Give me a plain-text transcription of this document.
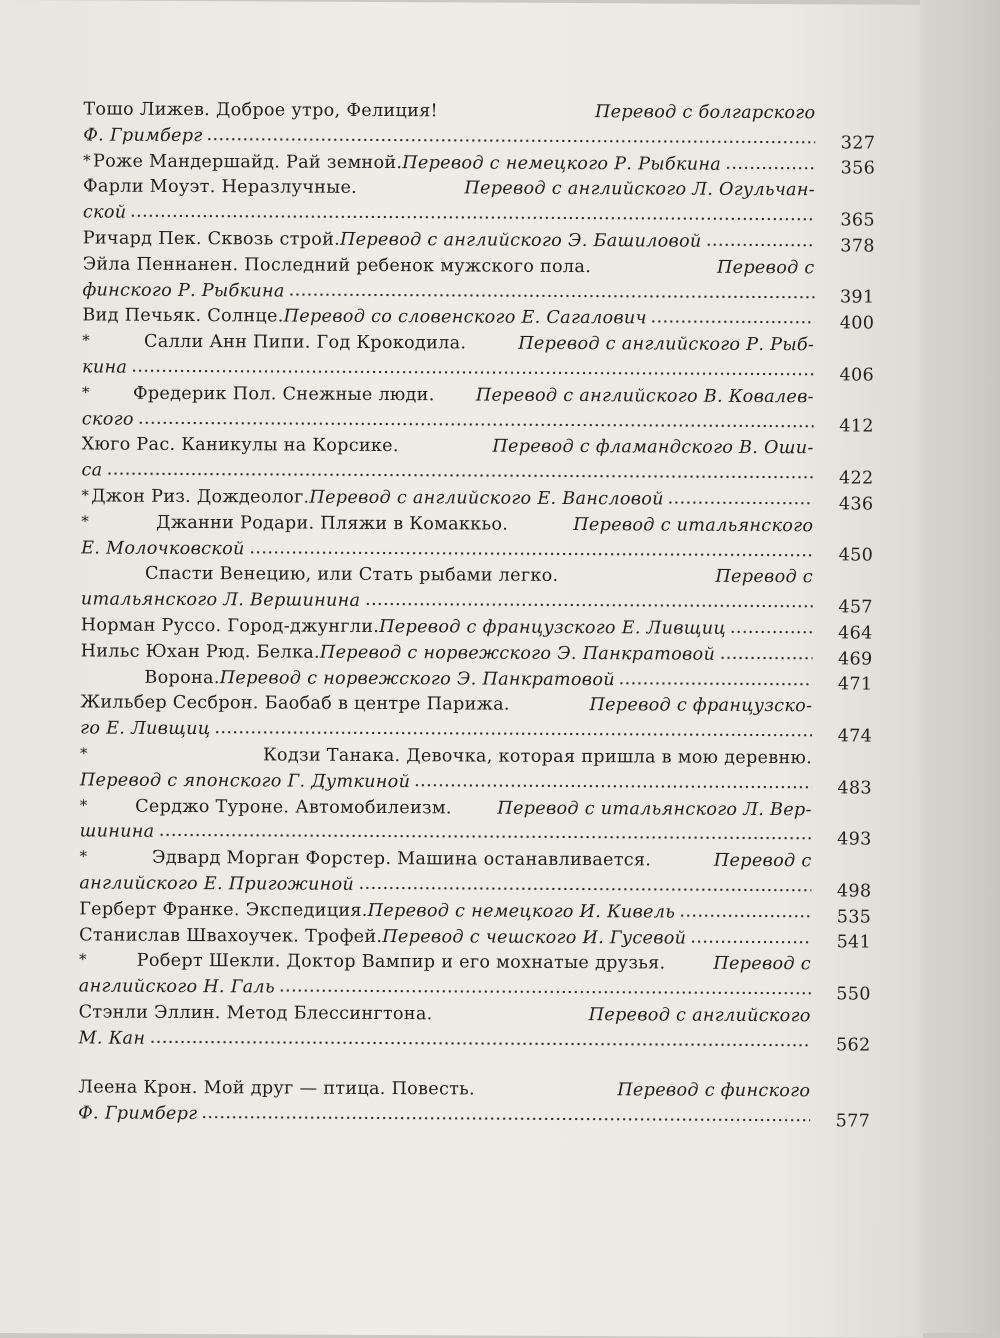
Тошо Лижев. Доброе утро, Фелиция!	Перевод с болгарского
Ф. Гримберг	327
* Роже Мандершайд. Рай земной. Перевод с немецкого Р. Рыбкина	356
Фарли Моуэт. Неразлучные.	Перевод с английского Л. Огульчан-
ской	365
Ричард Пек. Сквозь строй. Перевод с английского Э. Башиловой	378
Эйла Пеннанен. Последний ребенок мужского пола.	Перевод с
финского Р. Рыбкина	391
Вид Печьяк. Солнце. Перевод со словенского Е. Сагалович	400
*	Салли Анн Пипи. Год Крокодила.	Перевод с английского Р. Рыб-
кина	406
* Фредерик Пол. Снежные люди. Перевод с английского В. Ковалев-
ского	412
Хюго Рас. Каникулы на Корсике.	Перевод с фламандского В. Оши-
са	422
* Джон Риз. Дождеолог. Перевод с английского Е. Вансловой	436
*	Джанни Родари. Пляжи в Комаккьо.	Перевод с итальянского
Е. Молочковской	450
Спасти Венецию, или Стать рыбами легко.	Перевод с
итальянского Л. Вершинина	457
Норман Руссо. Город-джунгли. Перевод с французского Е. Ливщиц	464
Нильс Юхан Рюд. Белка. Перевод с норвежского Э. Панкратовой	469
Ворона. Перевод с норвежского Э. Панкратовой	471
Жильбер Сесброн. Баобаб в центре Парижа.	Перевод с французско-
го Е. Ливщиц	474
*	Кодзи Танака. Девочка, которая пришла в мою деревню.
Перевод с японского Г. Дуткиной	483
*	Серджо Туроне. Автомобилеизм.	Перевод с итальянского Л. Вер-
шинина	493
*	Эдвард Морган Форстер. Машина останавливается.	Перевод с
английского Е. Пригожиной	498
Герберт Франке. Экспедиция. Перевод с немецкого И. Кивель	535
Станислав Швахоучек. Трофей. Перевод с чешского И. Гусевой	541
*	Роберт Шекли. Доктор Вампир и его мохнатые друзья.	Перевод с
английского Н. Галь	550
Стэнли Эллин. Метод Блессингтона.	Перевод с английского
М. Кан	562
Леена Крон. Мой друг — птица. Повесть.	Перевод с финского
Ф. Гримберг	577
